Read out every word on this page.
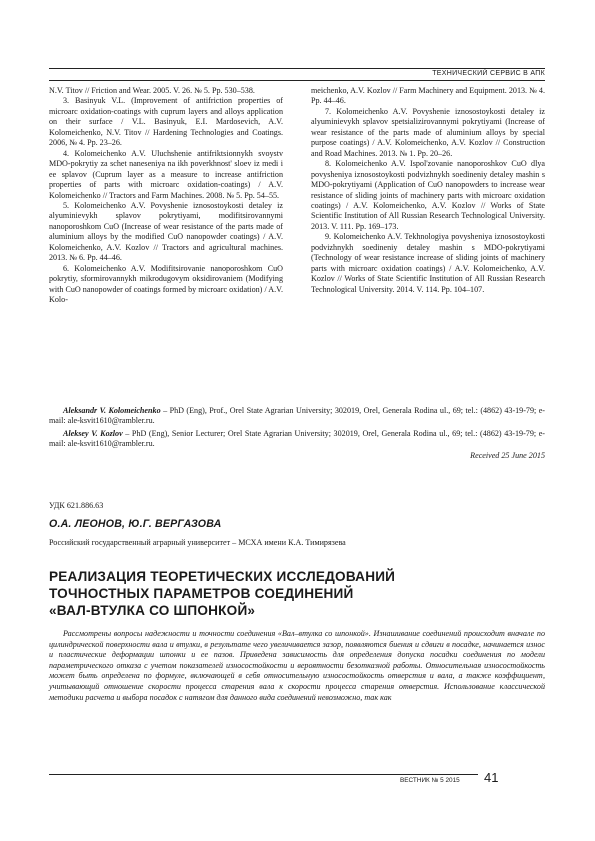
ТЕХНИЧЕСКИЙ СЕРВИС В АПК

N.V. Titov // Friction and Wear. 2005. V. 26. № 5. Pp. 530–538.

3. Basinyuk V.L. (Improvement of antifriction properties of microarc oxidation-coatings with cuprum layers and alloys application on their surface / V.L. Basinyuk, E.I. Mardosevich, A.V. Kolomeichenko, N.V. Titov // Hardening Technologies and Coatings. 2006, № 4. Pp. 23–26.

4. Kolomeichenko A.V. Uluchshenie antifriktsionnykh svoystv MDO-pokrytiy za schet naneseniya na ikh poverkhnost' sloev iz medi i ee splavov (Cuprum layer as a measure to increase antifriction properties of parts with microarc oxidation-coatings) / A.V. Kolomeichenko // Tractors and Farm Machines. 2008. № 5. Pp. 54–55.

5. Kolomeichenko A.V. Povyshenie iznosostoykosti detaley iz alyuminievykh splavov pokrytiyami, modifitsirovannymi nanoporoshkom CuO (Increase of wear resistance of the parts made of aluminium alloys by the modified CuO nanopowder coatings) / A.V. Kolomeichenko, A.V. Kozlov // Tractors and agricultural machines. 2013. № 6. Pp. 44–46.

6. Kolomeichenko A.V. Modifitsirovanie nanoporoshkom CuO pokrytiy, sformirovannykh mikrodugovym oksidirovaniem (Modifying with CuO nanopowder of coatings formed by microarc oxidation) / A.V. Kolo-

meichenko, A.V. Kozlov // Farm Machinery and Equipment. 2013. № 4. Pp. 44–46.

7. Kolomeichenko A.V. Povyshenie iznosostoykosti detaley iz alyuminievykh splavov spetsializirovannymi pokrytiyami (Increase of wear resistance of the parts made of aluminium alloys by special purpose coatings) / A.V. Kolomeichenko, A.V. Kozlov // Construction and Road Machines. 2013. № 1. Pp. 20–26.

8. Kolomeichenko A.V. Ispol'zovanie nanoporoshkov CuO dlya povysheniya iznosostoykosti podvizhnykh soedineniy detaley mashin s MDO-pokrytiyami (Application of CuO nanopowders to increase wear resistance of sliding joints of machinery parts with microarc oxidation coatings) / A.V. Kolomeichenko, A.V. Kozlov // Works of State Scientific Institution of All Russian Research Technological University. 2013. V. 111. Pp. 169–173.

9. Kolomeichenko A.V. Tekhnologiya povysheniya iznosostoykosti podvizhnykh soedineniy detaley mashin s MDO-pokrytiyami (Technology of wear resistance increase of sliding joints of machinery parts with microarc oxidation coatings) / A.V. Kolomeichenko, A.V. Kozlov // Works of State Scientific Institution of All Russian Research Technological University. 2014. V. 114. Pp. 104–107.

Aleksandr V. Kolomeichenko – PhD (Eng), Prof., Orel State Agrarian University; 302019, Orel, Generala Rodina ul., 69; tel.: (4862) 43-19-79; e-mail: ale-ksvit1610@rambler.ru.

Aleksey V. Kozlov – PhD (Eng), Senior Lecturer; Orel State Agrarian University; 302019, Orel, Generala Rodina ul., 69; tel.: (4862) 43-19-79; e-mail: ale-ksvit1610@rambler.ru.

Received 25 June 2015
УДК 621.886.63
О.А. ЛЕОНОВ, Ю.Г. ВЕРГАЗОВА
Российский государственный аграрный университет – МСХА имени К.А. Тимирязева
РЕАЛИЗАЦИЯ ТЕОРЕТИЧЕСКИХ ИССЛЕДОВАНИЙ
ТОЧНОСТНЫХ ПАРАМЕТРОВ СОЕДИНЕНИЙ
«ВАЛ-ВТУЛКА СО ШПОНКОЙ»
Рассмотрены вопросы надежности и точности соединения «Вал–втулка со шпонкой». Изнашивание соединений происходит вначале по цилиндрической поверхности вала и втулки, в результате чего увеличивается зазор, появляются биения и сдвиги в посадке, начинается износ и пластические деформации шпонки и ее пазов. Приведена зависимость для определения допуска посадки соединения по модели параметрического отказа с учетом показателей износостойкости и вероятности безотказной работы. Относительная износостойкость может быть определена по формуле, включающей в себя относительную износостойкость отверстия и вала, а также коэффициент, учитывающий отношение скорости процесса старения вала к скорости процесса старения отверстия. Использование классической методики расчета и выбора посадок с натягом для данного вида соединений невозможно, так как
ВЕСТНИК № 5 2015 41
